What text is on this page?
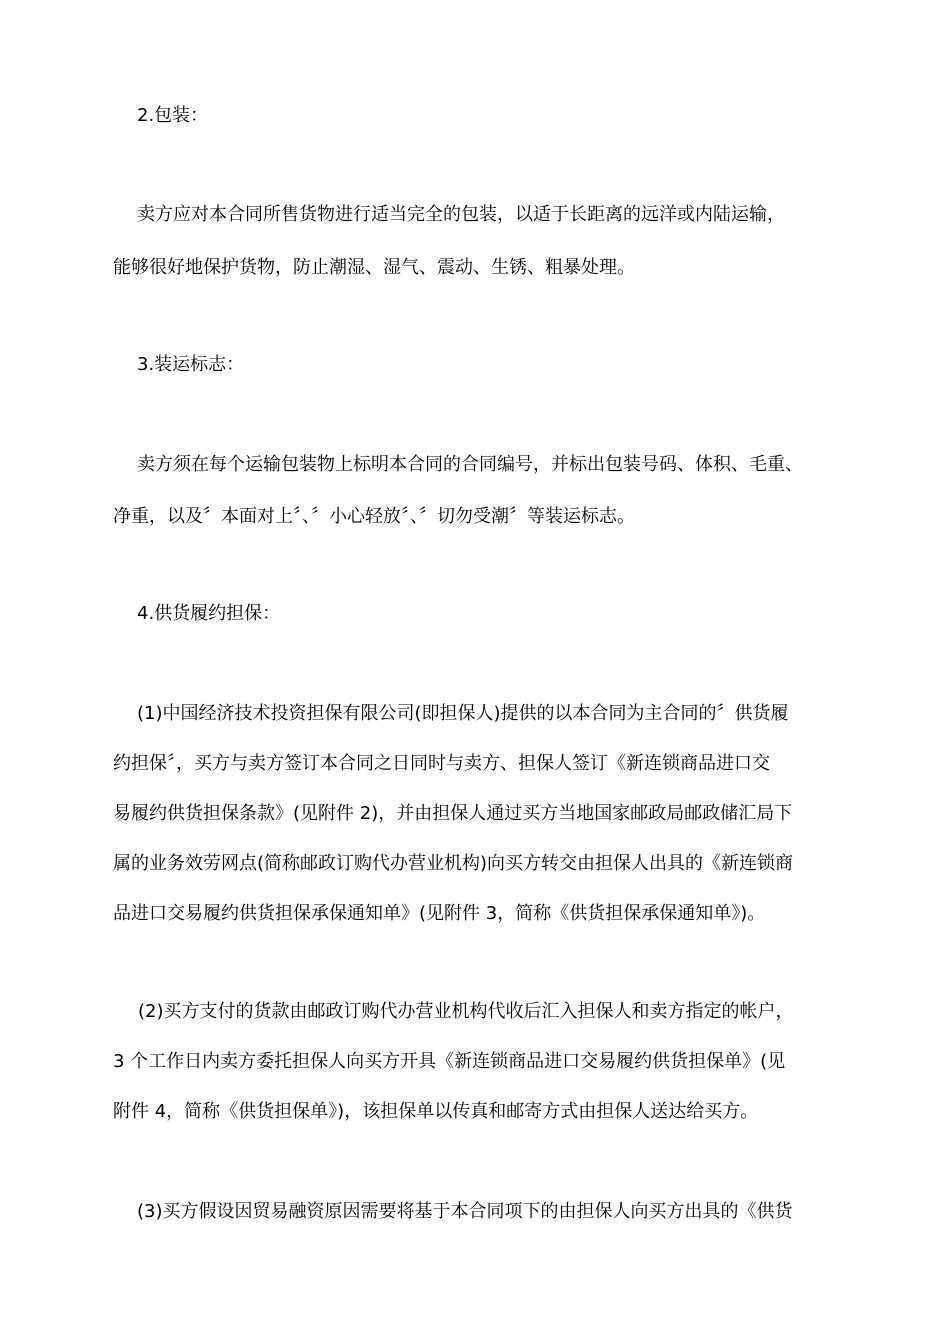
2.包装：
卖方应对本合同所售货物进行适当完全的包装，以适于长距离的远洋或内陆运输，
能够很好地保护货物，防止潮湿、湿气、震动、生锈、粗暴处理。
3.装运标志：
卖方须在每个运输包装物上标明本合同的合同编号，并标出包装号码、体积、毛重、
净重，以及〞本面对上〞、〞小心轻放〞、〞切勿受潮〞等装运标志。
4.供货履约担保：
(1)中国经济技术投资担保有限公司(即担保人)提供的以本合同为主合同的〞供货履
约担保〞，买方与卖方签订本合同之日同时与卖方、担保人签订《新连锁商品进口交
易履约供货担保条款》(见附件 2)，并由担保人通过买方当地国家邮政局邮政储汇局下
属的业务效劳网点(简称邮政订购代办营业机构)向买方转交由担保人出具的《新连锁商
品进口交易履约供货担保承保通知单》(见附件 3，简称《供货担保承保通知单》)。
(2)买方支付的货款由邮政订购代办营业机构代收后汇入担保人和卖方指定的帐户，
3 个工作日内卖方委托担保人向买方开具《新连锁商品进口交易履约供货担保单》(见
附件 4，简称《供货担保单》)，该担保单以传真和邮寄方式由担保人送达给买方。
(3)买方假设因贸易融资原因需要将基于本合同项下的由担保人向买方出具的《供货
